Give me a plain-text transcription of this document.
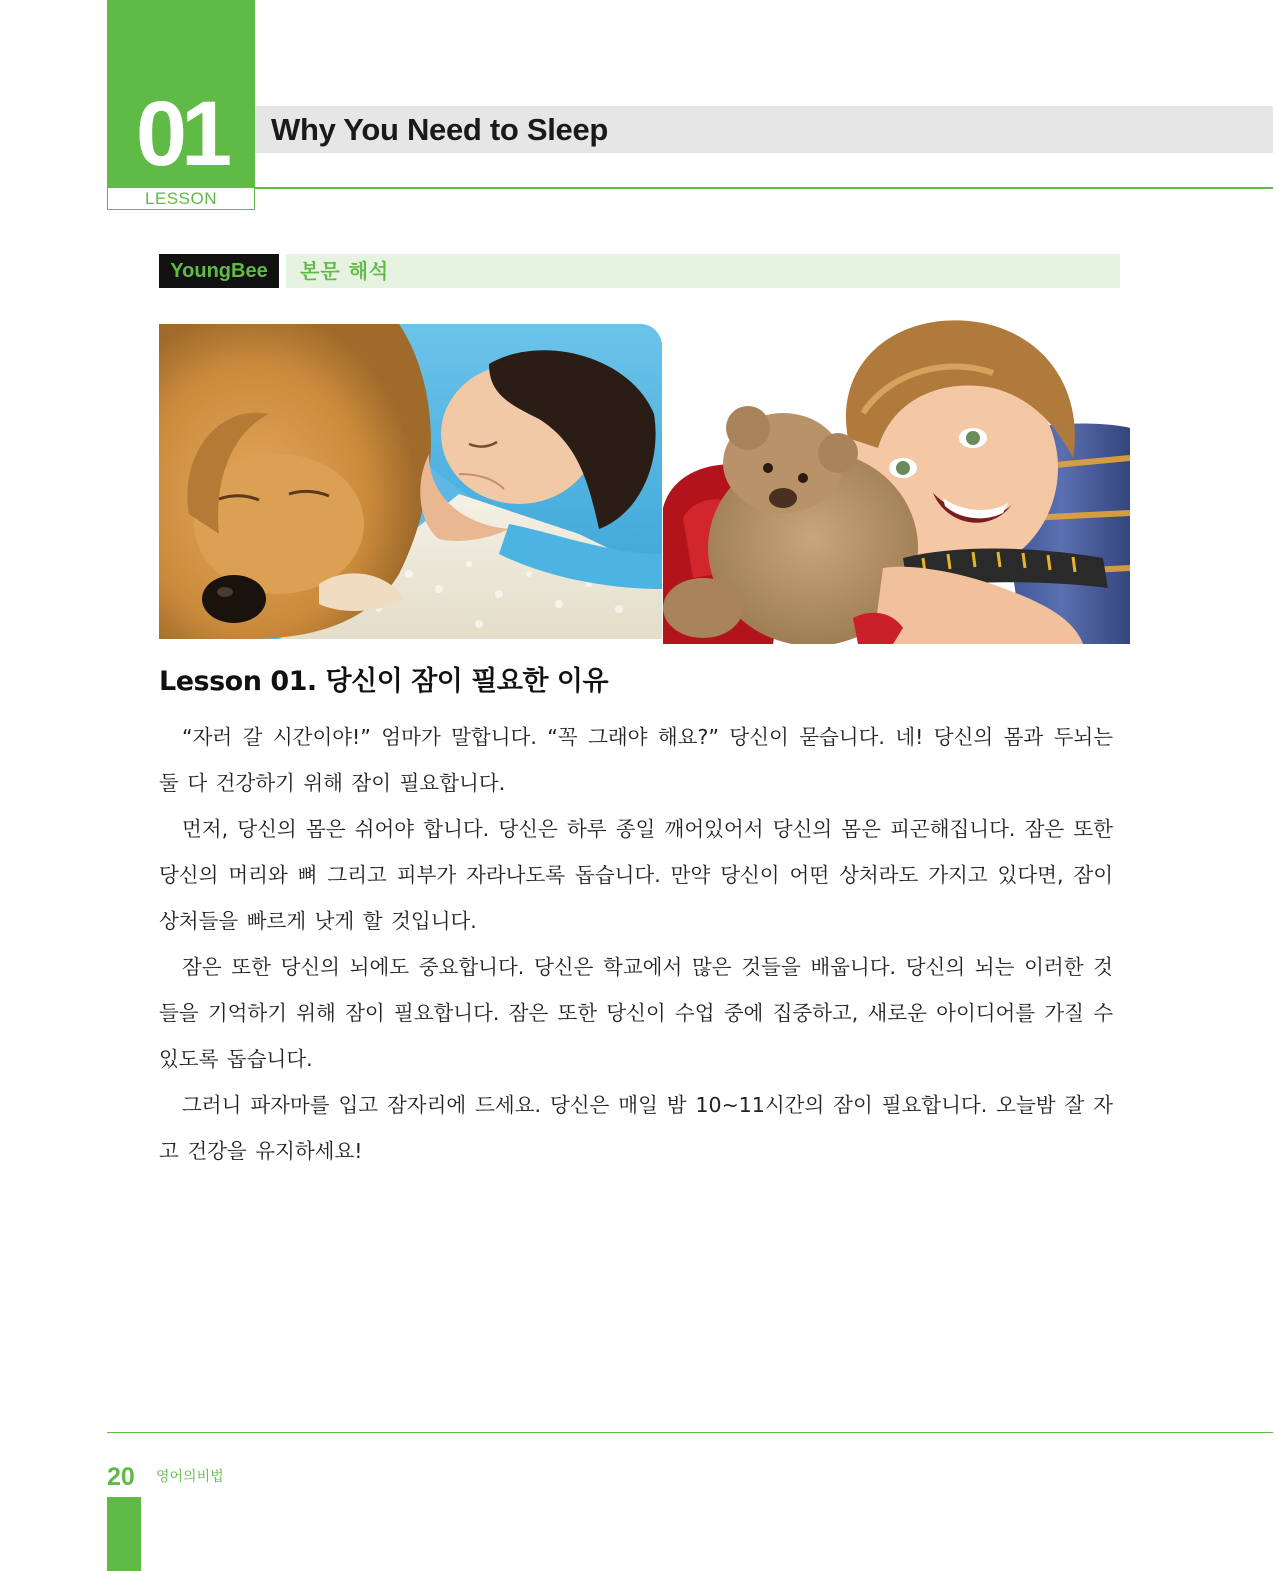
01
LESSON
Why You Need to Sleep
YoungBee	본문 해석
Lesson 01. 당신이 잠이 필요한 이유

“자러 갈 시간이야!” 엄마가 말합니다. “꼭 그래야 해요?” 당신이 묻습니다. 네! 당신의 몸과 두뇌는 둘 다 건강하기 위해 잠이 필요합니다.

먼저, 당신의 몸은 쉬어야 합니다. 당신은 하루 종일 깨어있어서 당신의 몸은 피곤해집니다. 잠은 또한 당신의 머리와 뼈 그리고 피부가 자라나도록 돕습니다. 만약 당신이 어떤 상처라도 가지고 있다면, 잠이 상처들을 빠르게 낫게 할 것입니다.

잠은 또한 당신의 뇌에도 중요합니다. 당신은 학교에서 많은 것들을 배웁니다. 당신의 뇌는 이러한 것들을 기억하기 위해 잠이 필요합니다. 잠은 또한 당신이 수업 중에 집중하고, 새로운 아이디어를 가질 수 있도록 돕습니다.

그러니 파자마를 입고 잠자리에 드세요. 당신은 매일 밤 10~11시간의 잠이 필요합니다. 오늘밤 잘 자고 건강을 유지하세요!

20 영어의비법
